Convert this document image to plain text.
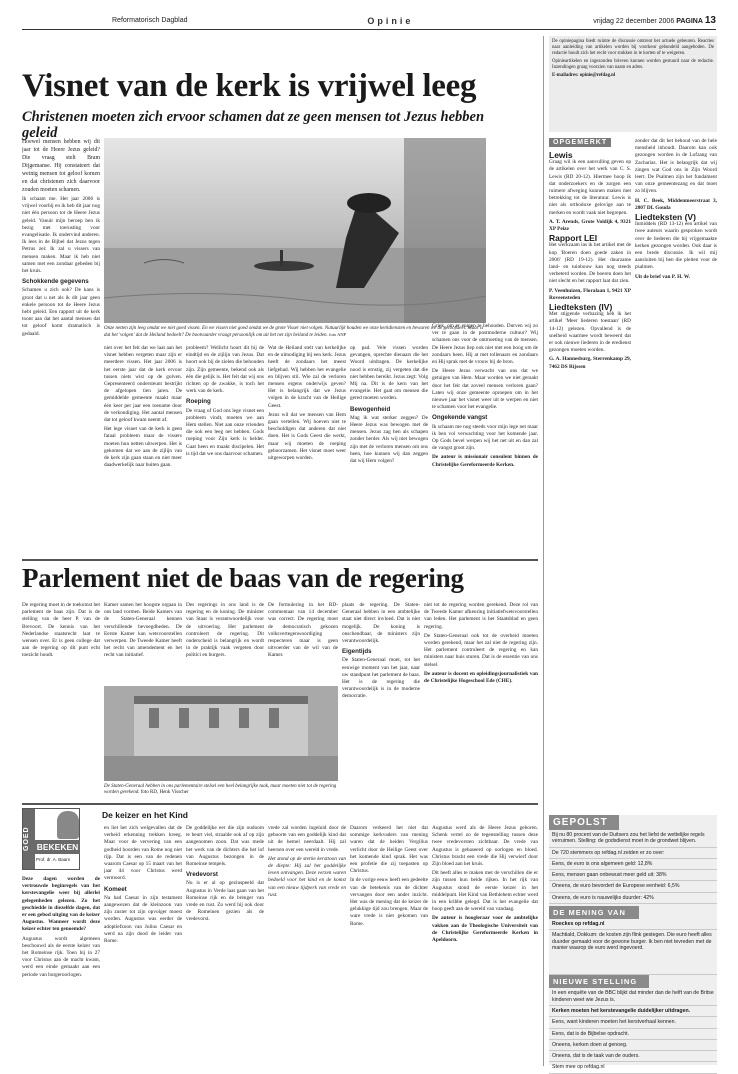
Reformatorisch Dagblad	Opinie	vrijdag 22 december 2006 PAGINA 13
Visnet van de kerk is vrijwel leeg
Christenen moeten zich ervoor schamen dat ze geen mensen tot Jezus hebben geleid

Hoewel mensen hebben wij dit jaar tot de Heere Jezus geleid? Die vraag stelt Bram Dijgemanse. Hij constateert dat weinig mensen tot geloof komen en dat christenen zich daarvoor zouden moeten schamen.

Ik schaam me. Het jaar 2006 is vrijwel voorbij en ik heb dit jaar nog niet één persoon tot de Heere Jezus geleid. Vanuit mijn beroep ben ik bezig met toerusting voor evangelisatie. Ik ondervind anderen. Ik lees in de Bijbel dat Jezus tegen Petrus zei: Ik zal u vissers van mensen maken. Maar ik heb niet samen met een zondaar gebeden bij het kruis.

Schokkende gegevens

Schamen u zich ook? De kans is groot dat u net als ik dit jaar geen enkele persoon tot de Heere Jezus hebt geleid. Een rapport uit de kerk toont aan dat het aantal mensen dat tot geloof komt dramatisch is gedaald.

Onze netten zijn leeg omdat we niet goed vissen. En we vissen niet goed omdat we de grote Visser niet volgen. Natuurlijk houden we onze kerkdiensten en bewaren we de geloofsleer. Maar is dat het 'volgen' dat de Heiland bedoelt? De bootvaarder vraagt persoonlijk om uit het net zijn heiland te leiden. foto ANP

niet over het feit dat we laat aan het visnet hebben vergeten maar zijn er meerdere vissen. Het jaar 2006 is het eerste jaar dat de kerk ervoor tussen niets wist op de golven. Gepresenteerd ondersteunt bestrijkt de afgelopen tien jaren. De gemiddelde gemeente maakt maar één keer per jaar een toename door de verkondiging. Het aantal mensen dat tot geloof kwam neemt af.

Het lege visnet van de kerk is geen fataal probleem maar de vissers moeten hun netten uitwerpen. Het is gekomen dat we aan de zijlijn van de kerk zijn gaan staan en niet meer daadwerkelijk naar buiten gaan.

probleem? Wellicht hoort dit bij de eindtijd en de zijlijn van Jezus. Dat hoort ook bij de zielen die behouden zijn. Zijn gemeente, bekend ook als één die gelijk is. Het feit dat wij ons richten op de zwakke, is toch het werk van de kerk.

Roeping

De vraag of God ons lege visnet een probleem vindt, moeten we aan Hem stellen. Niet aan onze vrienden die ook een leeg net hebben. Gods roeping voor Zijn kerk is helder. Gaat heen en maakt discipelen. Het is tijd dat we ons daarvoor schamen.

Wat de Heiland stelt van kerkelijke en de uitnodiging bij een kerk. Jezus heeft de zondaars het meest liefgehad. Wij hebben het evangelie en blijven stil. Wie zal de verloren mensen ergens onderwijs geven? Het is belangrijk dat we Jezus volgen in de kracht van de Heilige Geest.

Jezus wil dat we mensen van Hem gaan vertellen. Wij hoeven niet te beschuldigen dat anderen dat niet doen. Het is Gods Geest die werkt, maar wij moeten de roeping gehoorzamen. Het visnet moet weer uitgeworpen worden.

op pad. Vele vissen worden gevangen, oprechte dienaars die het Woord uitdragen. De kerkelijke nood is ernstig, zij vergeten dat die niet hebben bereikt. Jezus zegt: Volg Mij na. Dit is de kern van het evangelie. Het gaat om mensen die gered moeten worden.

Bewogenheid

Mag ik wat sterker zeggen? De Heere Jezus was bewogen met de mensen. Jezus zag hen als schapen zonder herder. Als wij niet bewogen zijn met de verloren mensen om ons heen, hoe kunnen wij dan zeggen dat wij Hem volgen?

Griek, om er enigen te behouden. Durven wij zo ver te gaan in de postmoderne cultuur? Wij schamen ons voor de ontmoeting van de mensen. De Heere Jezus liep ook niet met een boog om de zondaars heen. Hij at met tollenaars en zondaars en Hij sprak met de vrouw bij de bron.

De Heere Jezus verwacht van ons dat we getuigen van Hem. Maar worden we niet geraakt door het feit dat zoveel mensen verloren gaan? Laten wij onze gemeente oproepen om in het nieuwe jaar het visnet weer uit te werpen en niet te schamen voor het evangelie.

Ongekende vangst

Ik schaam me nog steeds voor mijn lege net maar ik ben vol verwachting voor het komende jaar. Op Gods bevel werpen wij het net uit en dan zal de vangst groot zijn.

De auteur is missionair consulent binnen de Christelijke Gereformeerde Kerken.

Parlement niet de baas van de regering

De regering moet in de toekomst het parlement de baas zijn. Dat is de stelling van de heer P. van de Brevoort. De kennis van het Nederlandse staatsrecht laat te wensen over. Er is geen college dat aan de regering op dit punt echt toezicht houdt.

Kamer samen het hoogste orgaan in ons land vormen. Beide Kamers van de Staten-Generaal kennen verschillende bevoegdheden. De Eerste Kamer kan wetsvoorstellen verwerpen. De Tweede Kamer heeft het recht van amendement en het recht van initiatief.

Des regerings in ons land is de regering en de koning. De minister van Staat is verantwoordelijk voor de uitvoering. Het parlement controleert de regering. Dit onderscheid is belangrijk en wordt in de praktijk vaak vergeten door politici en burgers.

De formulering in het RD-commentaar van 14 december was correct. De regering moet de democratisch gekozen volksvertegenwoordiging respecteren maar is geen uitvoerder van de wil van de Kamer.

plaats de regering. De Staten-Generaal hebben in een ambtelijke staat niet direct invloed. Dat is niet mogelijk. De koning is onschendbaar, de ministers zijn verantwoordelijk.

Eigentijds

De Staten-Generaal moet, tot het eeuwige moment van het jaar, naar uw standpunt het parlement de baas. Het is de regering die verantwoordelijk is in de moderne democratie.

niet tot de regering worden gerekend. Deze rol van de Tweede Kamer afkeuring initiatiefwetsvoorstellen van leden. Het parlement is het Staatsblad en geen regering.

De Staten-Generaal ook tot de overheid moeten worden gerekend, maar het zal niet de regering zijn. Het parlement controleert de regering en kan ministers naar huis sturen. Dat is de essentie van ons stelsel.

De auteur is docent en opleidingsjournalistiek van de Christelijke Hogeschool Ede (CHE).

De Staten-Generaal hebben in ons parlementaire stelsel een heel belangrijke taak, maar moeten niet tot de regering worden gerekend. foto RD, Henk Visscher
GOED BEKEKEN
Prof. dr. A. Baars
De keizer en het Kind

Deze dagen worden de vertrouwde beginregels van het kerstevangelie weer bij allerlei gelegenheden gelezen. Zo het geschiedde in diezelfde dagen, dat er een gebod uitging van de keizer Augustus. Wanneer wordt deze keizer echter ten genoemde?

Augustus wordt algemeen beschouwd als de eerste keizer van het Romeinse rijk. Toen hij in 27 voor Christus aan de macht kwam, werd een einde gemaakt aan een periode van burgeroorlogen.

en liet het zich welgevallen dat de verheid erkenning trekken kreeg. Maar voor de ververing van een godheid hoorden van Rome nog niet rijp. Dat is een van de redenen waarom Caesar op 15 maart van het jaar 44 voor Christus werd vermoord.

Komeet

Na had Caesar in zijn testament aangewezen dat de kleinzoon van zijn zuster tot zijn opvolger moest worden. Augustus was eerder de adoptiefzoon van Julius Caesar en werd na zijn dood de leider van Rome.

De goddelijke eer die zijn oudoom te beurt viel, straalde ook af op zijn aangenomen zoon. Dat was mede het werk van de dichters die het lof van Augustus bezongen in de Romeinse tempels.

Vredevorst

Nu is er al op gezinspeeld dat Augustus in Verde laat gaan van het Romeinse rijk en de brenger van vrede en rust. Zo werd hij ook door de Romeinen gezien als de vredevorst.

vrede zal worden ingeluid door de geboorte van een goddelijk kind dat uit de hemel neerdaalt. Hij zal heersen over een wereld in vrede.

Het stond op de sterke kersttoon van de diepte: Hij zal het goddelijke leven ontvangen. Deze verzen waren bedoeld voor het kind en de komst van een nieuw tijdperk van vrede en rust.

Daarom verkeerd het niet dat sommige kerkvaders van mening waren dat de heiden Vergilius verlicht door de Heilige Geest over het komende kind sprak. Het was een profetie die zij toepasten op Christus.

In de vorige eeuw heeft een gedeelte van de betekenis van de dichter vervangen door een ander inzicht. Het was de mening dat de keizer de gelukkige tijd zou brengen. Maar de ware vrede is niet gekomen van Rome.

Augustus werd als de Heere Jezus geboren. Schenk vertel zo de tegenstelling tussen deze twee vredevorsten zichtbaar. De vrede van Augustus is gebaseerd op oorlogen en bloed. Christus bracht een vrede die Hij verwierf door Zijn bloed aan het kruis.

Dit heeft alles te maken met de verschillen die er zijn tussen hun beide rijken. In het rijk van Augustus stond de eerste keizer in het middelpunt. Het Kind van Bethlehem echter werd in een kribbe gelegd. Dat is het evangelie dat hoop geeft aan de wereld van vandaag.

De auteur is hoogleraar voor de ambtelijke vakken aan de Theologische Universiteit van de Christelijke Gereformeerde Kerken in Apeldoorn.

De opiniepagina biedt ruimte de discussie omtrent het actuele gebeuren. Reacties naar aanleiding van artikelen worden bij voorkeur gebundeld aangeboden. De redactie houdt zich het recht voor stukken in te korten of te weigeren.

Opinieartikelen en ingezonden brieven kunnen worden gestuurd naar de redactie. Inzendingen graag voorzien van naam en adres.

E-mailadres: opinie@refdag.nl

OPGEMERKT
Lewis

Graag wil ik een aanvulling geven op de artikelen over het werk van C. S. Lewis (RD 20-12). Hiermee hoop ik dat onderzoekers en de zorgen een ruimere afweging kunnen maken met betrekking tot de literatuur. Lewis is niet als orthodoxe gelovige aan te merken en wordt vaak niet begrepen.

A. T. Arends, Grote Voldijk 4, 9321 XP Peize

Rapport LEI

Het werkzaam las ik het artikel met de kop 'Boeren doen goede zaken in 2006' (RD 19-12). Het duurzame land- en tuinbouw kan nog steeds verbeterd worden. De boeren doen het niet slecht en het rapport laat dat zien.

P. Veenhuizen, Floralaan 1, 9421 XP Roveensteden

Liedteksten (IV)

Met stijgende verbazing heb ik het artikel 'Meer liederen toestaan' (RD 14-12) gelezen. Opvallend is de snelheid waarmee wordt beweerd dat er ook nieuwe liederen in de eredienst gezongen moeten worden.

G. A. Hannesburg, Sterrenkamp 29, 7462 DS Rijssen

zonder dat dit het behoud van de hele mensheid inhoudt. Daarom kan ook gezongen worden in de Lofzang van Zacharias. Het is belangrijk dat wij zingen wat God ons in Zijn Woord leert. De Psalmen zijn het fundament van onze gemeentezang en dat moet zo blijven.

H. C. Beek, Middenmeerstraat 3, 2807 DL Gouda

Liedteksten (V)

Inmiddels (RD 13-12) een artikel van twee auteurs waarin gesproken wordt over de liederen die bij vrijgemaakte kerken gezongen worden. Ook daar is een brede discussie. Ik wil mij aansluiten bij hen die pleiten voor de psalmen.

Uit de brief van P. H. W.

GEPOLST
Bij nu 80 procent van de Duitsers zou het liefst de wettelijke regels verruimen. Stelling: de godsdienst moet in de grondwet blijven.
De 720 stemmers op refdag.nl zeiden er zo over:
Eens, de euro is ons algemeen geld: 12,8%
Eens, mensen gaan onbewust meer geld uit: 38%
Oneens, de euro bevordert de Europese eenheid: 6,5%
Oneens, de euro is nauwelijks duurder: 42%
DE MENING VAN
Roeckes op refdag.nl
Machtiald, Dokkum: de kosten zijn flink gestegen. Die euro heeft alles duurder gemaakt voor de gewone burger. Ik ben niet tevreden met de manier waarop de euro werd ingevoerd.
NIEUWE STELLING
In een enquête van de BBC blijkt dat minder dan de helft van de Britse kinderen weet wie Jezus is.
Kerken moeten het kerstevangelie duidelijker uitdragen.
Eens, want kinderen moeten het kerstverhaal kennen.
Eens, dat is de Bijbelse opdracht.
Oneens, kerken doen al genoeg.
Oneens, dat is de taak van de ouders.
Stem mee op refdag.nl
